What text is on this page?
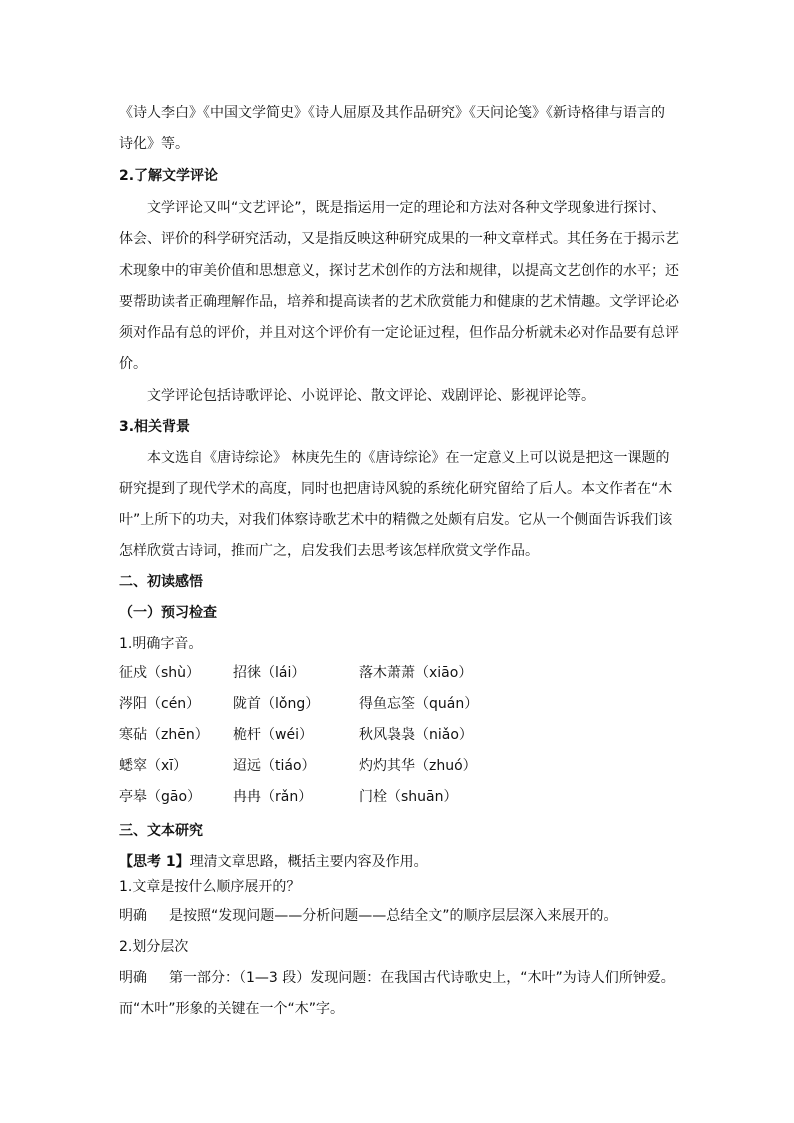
《诗人李白》《中国文学简史》《诗人屈原及其作品研究》《天问论笺》《新诗格律与语言的
诗化》等。
2.了解文学评论
文学评论又叫“文艺评论”，既是指运用一定的理论和方法对各种文学现象进行探讨、
体会、评价的科学研究活动，又是指反映这种研究成果的一种文章样式。其任务在于揭示艺
术现象中的审美价值和思想意义，探讨艺术创作的方法和规律，以提高文艺创作的水平；还
要帮助读者正确理解作品，培养和提高读者的艺术欣赏能力和健康的艺术情趣。文学评论必
须对作品有总的评价，并且对这个评价有一定论证过程，但作品分析就未必对作品要有总评
价。
文学评论包括诗歌评论、小说评论、散文评论、戏剧评论、影视评论等。
3.相关背景
本文选自《唐诗综论》 林庚先生的《唐诗综论》在一定意义上可以说是把这一课题的
研究提到了现代学术的高度，同时也把唐诗风貌的系统化研究留给了后人。本文作者在“木
叶”上所下的功夫，对我们体察诗歌艺术中的精微之处颇有启发。它从一个侧面告诉我们该
怎样欣赏古诗词，推而广之，启发我们去思考该怎样欣赏文学作品。
二、初读感悟
（一）预习检查
1.明确字音。
征戍（shù） 招徕（lái）	落木萧萧（xiāo）
涔阳（cén） 陇首（lǒng）	得鱼忘筌（quán）
寒砧（zhēn） 桅杆（wéi）	秋风袅袅（niǎo）
蟋窣（xī）	迢远（tiáo）	灼灼其华（zhuó）
亭皋（gāo） 冉冉（rǎn）	门栓（shuān）
三、文本研究
【思考 1】理清文章思路，概括主要内容及作用。
1.文章是按什么顺序展开的？
明确 是按照“发现问题——分析问题——总结全文”的顺序层层深入来展开的。
2.划分层次
明确 第一部分：（1—3 段）发现问题：在我国古代诗歌史上，“木叶”为诗人们所钟爱。
而“木叶”形象的关键在一个“木”字。
